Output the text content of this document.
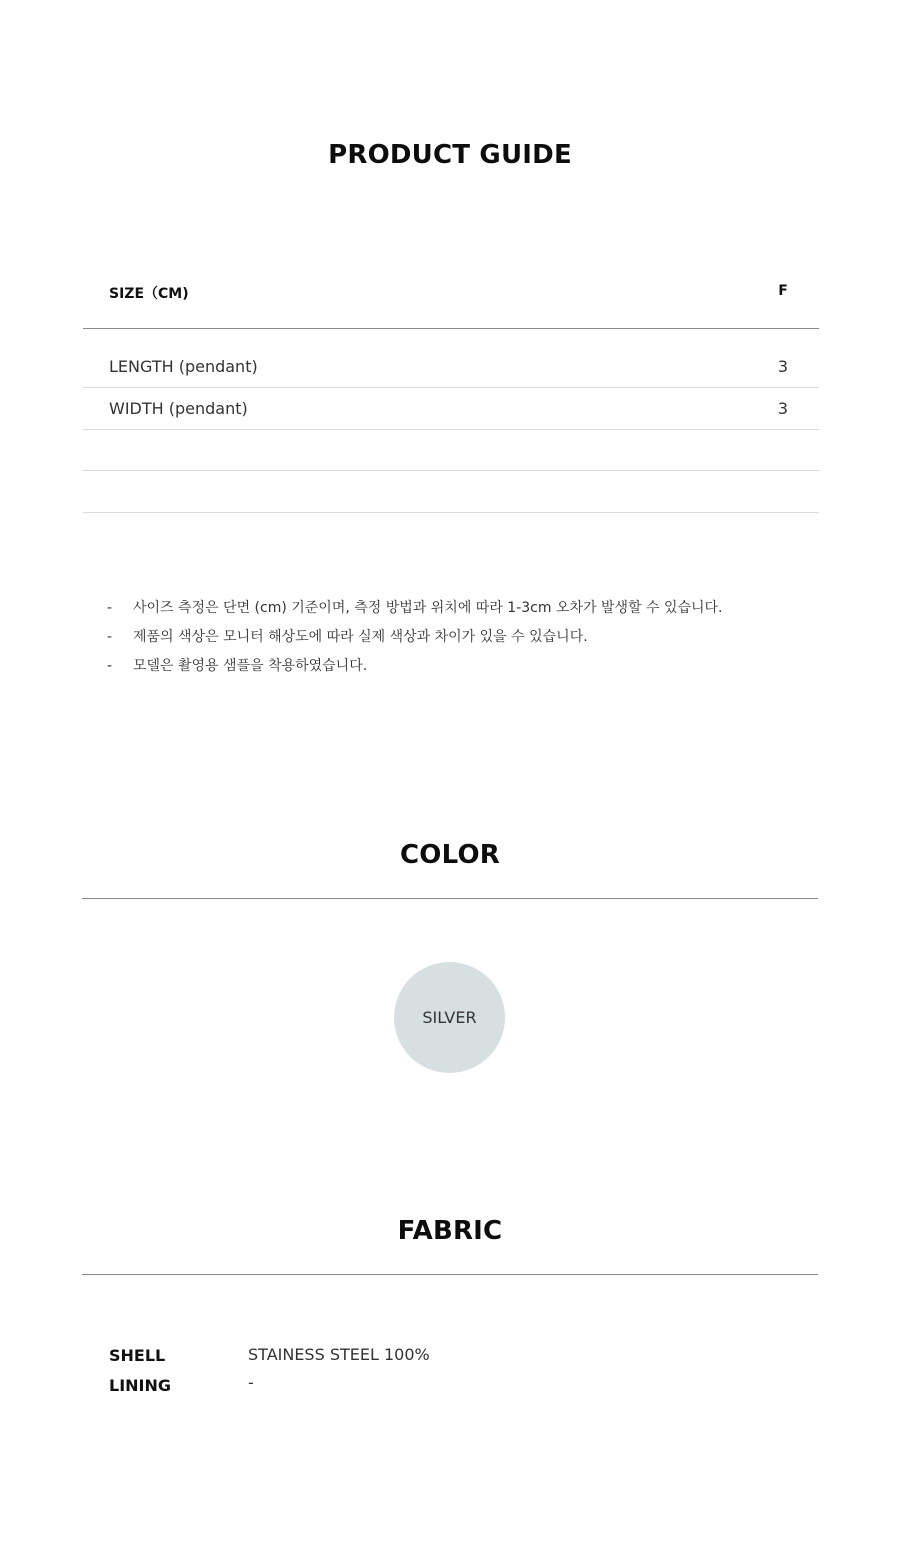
PRODUCT GUIDE
SIZE（CM)	F
LENGTH (pendant)	3
WIDTH (pendant)	3
- 사이즈 측정은 단면 (cm) 기준이며, 측정 방법과 위치에 따라 1-3cm 오차가 발생할 수 있습니다.
- 제품의 색상은 모니터 해상도에 따라 실제 색상과 차이가 있을 수 있습니다.
- 모델은 촬영용 샘플을 착용하였습니다.
COLOR
SILVER
FABRIC
SHELL	STAINESS STEEL 100%
LINING	-
